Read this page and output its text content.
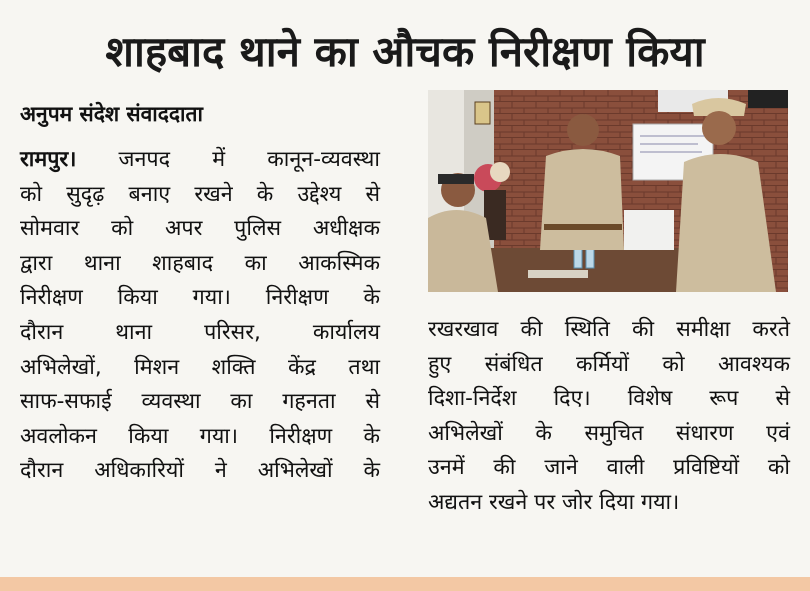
शाहबाद थाने का औचक निरीक्षण किया
अनुपम संदेश संवाददाता
रामपुर। जनपद में कानून-व्यवस्था
को सुदृढ़ बनाए रखने के उद्देश्य से
सोमवार को अपर पुलिस अधीक्षक
द्वारा थाना शाहबाद का आकस्मिक
निरीक्षण किया गया। निरीक्षण के
दौरान थाना परिसर, कार्यालय
अभिलेखों, मिशन शक्ति केंद्र तथा
साफ-सफाई व्यवस्था का गहनता से
अवलोकन किया गया। निरीक्षण के
दौरान अधिकारियों ने अभिलेखों के
रखरखाव की स्थिति की समीक्षा करते
हुए संबंधित कर्मियों को आवश्यक
दिशा-निर्देश दिए। विशेष रूप से
अभिलेखों के समुचित संधारण एवं
उनमें की जाने वाली प्रविष्टियों को
अद्यतन रखने पर जोर दिया गया।
